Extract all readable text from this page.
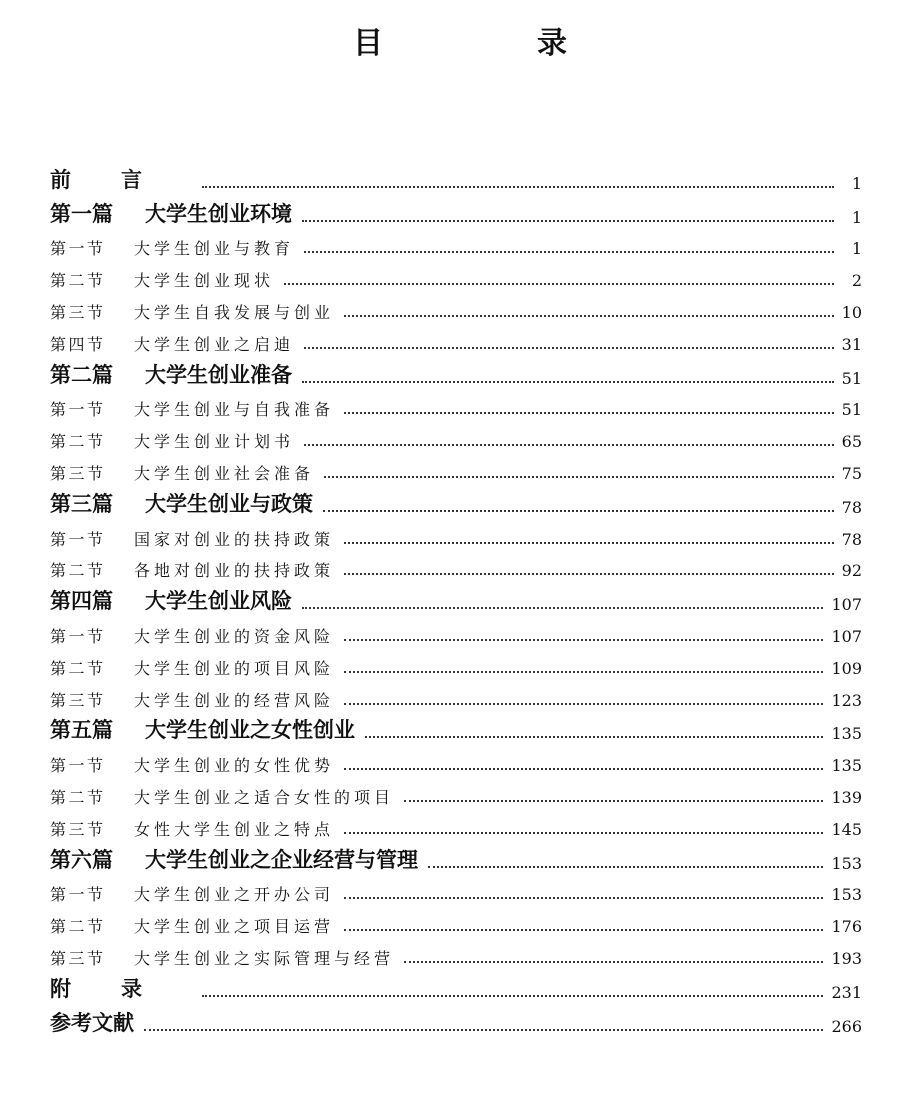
目　录
前言	1
第一篇	大学生创业环境	1
第一节	大学生创业与教育	1
第二节	大学生创业现状	2
第三节	大学生自我发展与创业	10
第四节	大学生创业之启迪	31
第二篇	大学生创业准备	51
第一节	大学生创业与自我准备	51
第二节	大学生创业计划书	65
第三节	大学生创业社会准备	75
第三篇	大学生创业与政策	78
第一节	国家对创业的扶持政策	78
第二节	各地对创业的扶持政策	92
第四篇	大学生创业风险	107
第一节	大学生创业的资金风险	107
第二节	大学生创业的项目风险	109
第三节	大学生创业的经营风险	123
第五篇	大学生创业之女性创业	135
第一节	大学生创业的女性优势	135
第二节	大学生创业之适合女性的项目	139
第三节	女性大学生创业之特点	145
第六篇	大学生创业之企业经营与管理	153
第一节	大学生创业之开办公司	153
第二节	大学生创业之项目运营	176
第三节	大学生创业之实际管理与经营	193
附录	231
参考文献	266
